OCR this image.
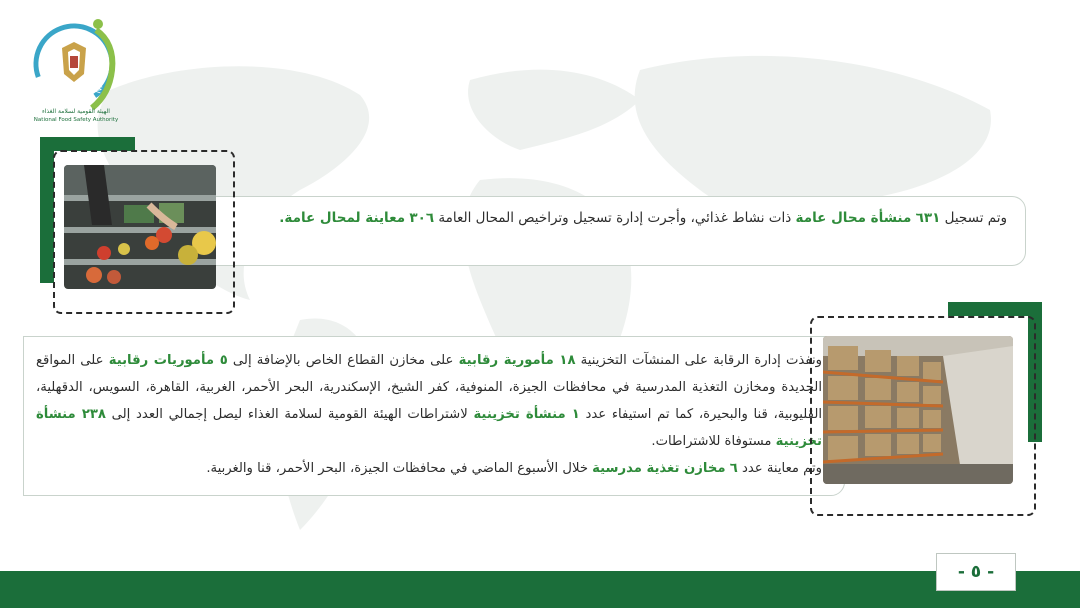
NFSA
الهيئة القومية لسلامة الغذاء
National Food Safety Authority
وتم تسجيل ٦٣١ منشأة محال عامة ذات نشاط غذائي، وأجرت إدارة تسجيل وتراخيص المحال العامة ٣٠٦ معاينة لمحال عامة.
ونفذت إدارة الرقابة على المنشآت التخزينية ١٨ مأمورية رقابية على مخازن القطاع الخاص بالإضافة إلى ٥ مأموريات رقابية على المواقع الجديدة ومخازن التغذية المدرسية في محافظات الجيزة، المنوفية، كفر الشيخ، الإسكندرية، البحر الأحمر، الغربية، القاهرة، السويس، الدقهلية، القليوبية، قنا والبحيرة، كما تم استيفاء عدد ١ منشأة تخزينية لاشتراطات الهيئة القومية لسلامة الغذاء ليصل إجمالي العدد إلى ٢٣٨ منشأة تخزينية مستوفاة للاشتراطات.
وتم معاينة عدد ٦ مخازن تغذية مدرسية خلال الأسبوع الماضي في محافظات الجيزة، البحر الأحمر، قنا والغربية.
- ٥ -
